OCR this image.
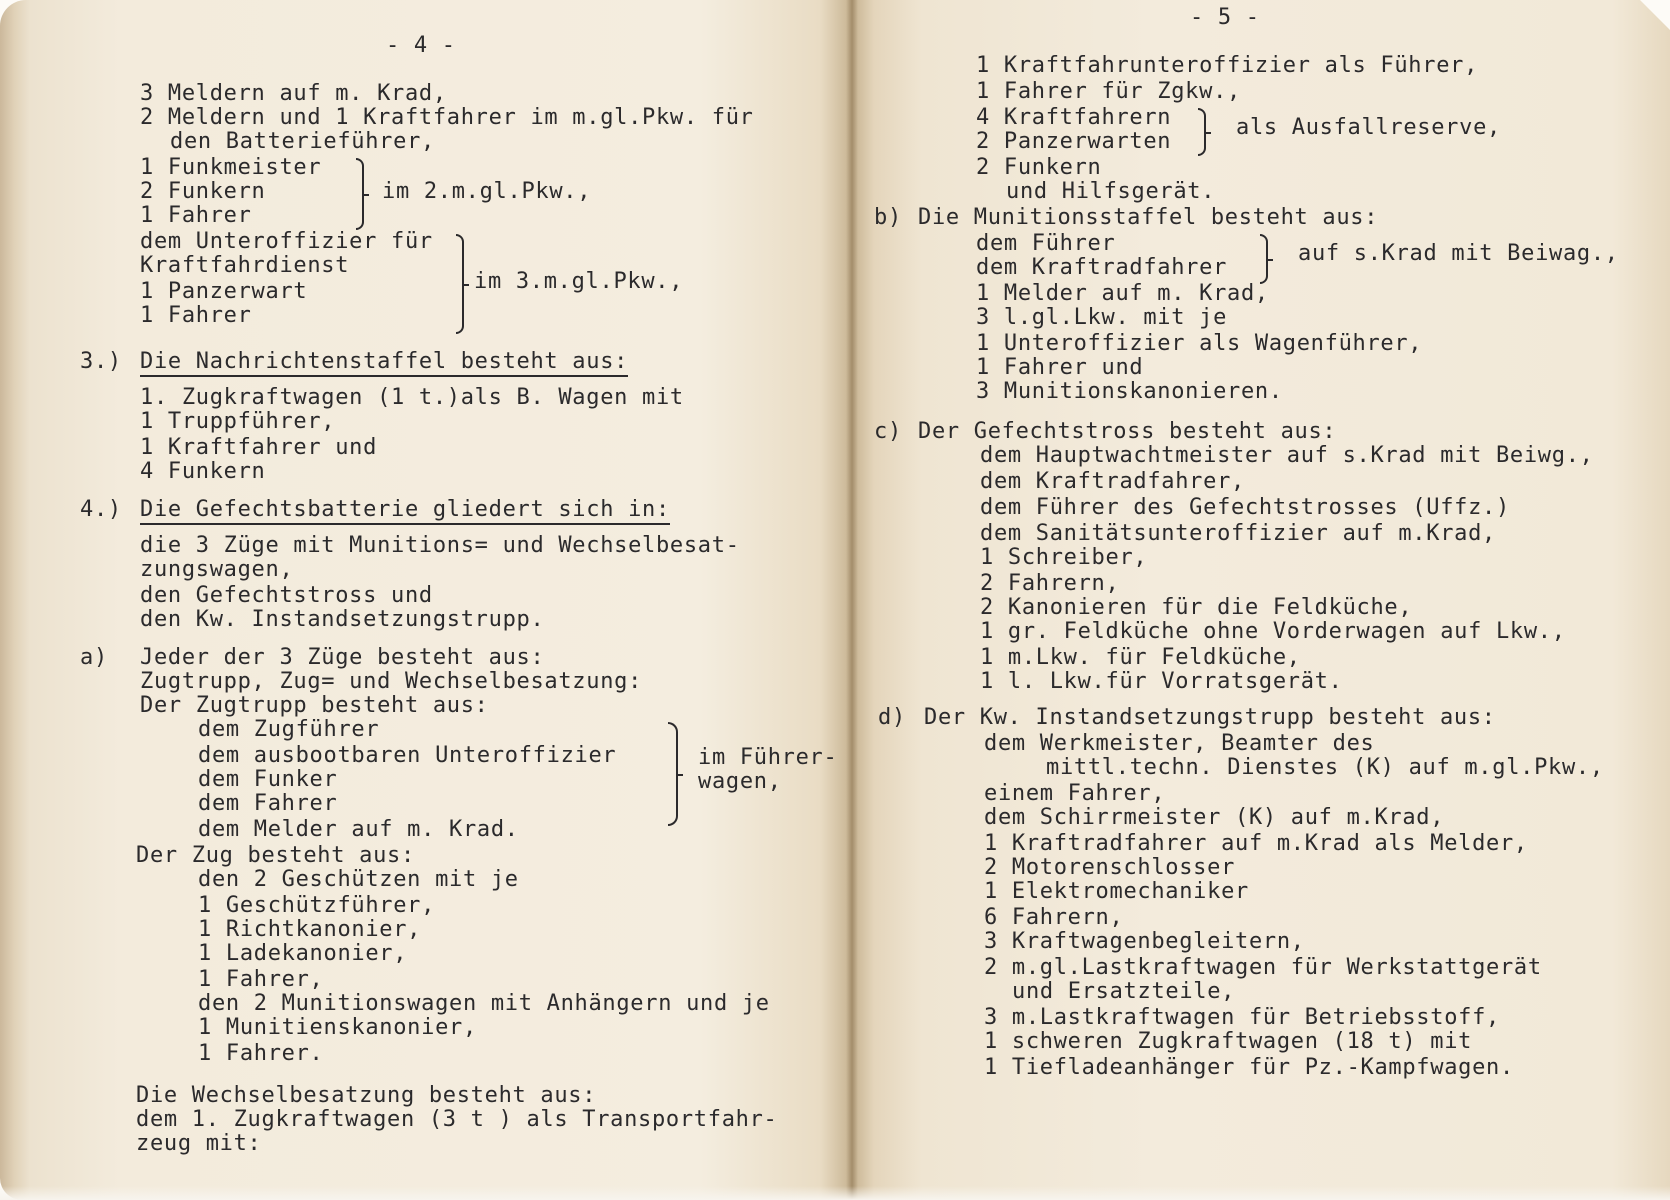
- 4 -

3 Meldern auf m. Krad,

2 Meldern und 1 Kraftfahrer im m.gl.Pkw. für

den Batterieführer,

1 Funkmeister

2 Funkern

1 Fahrer

im 2.m.gl.Pkw.,

dem Unteroffizier für

Kraftfahrdienst

1 Panzerwart

1 Fahrer

im 3.m.gl.Pkw.,

3.) Die Nachrichtenstaffel besteht aus:

1. Zugkraftwagen (1 t.)als B. Wagen mit

1 Truppführer,

1 Kraftfahrer und

4 Funkern

4.) Die Gefechtsbatterie gliedert sich in:

die 3 Züge mit Munitions= und Wechselbesat-

zungswagen,

den Gefechtstross und

den Kw. Instandsetzungstrupp.

a) Jeder der 3 Züge besteht aus:

Zugtrupp, Zug= und Wechselbesatzung:

Der Zugtrupp besteht aus:

dem Zugführer

dem ausbootbaren Unteroffizier

dem Funker

dem Fahrer

dem Melder auf m. Krad.

im Führer-

wagen,

Der Zug besteht aus:

den 2 Geschützen mit je

1 Geschützführer,

1 Richtkanonier,

1 Ladekanonier,

1 Fahrer,

den 2 Munitionswagen mit Anhängern und je

1 Munitienskanonier,

1 Fahrer.

Die Wechselbesatzung besteht aus:

dem 1. Zugkraftwagen (3 t ) als Transportfahr-

zeug mit:

- 5 -

1 Kraftfahrunteroffizier als Führer,

1 Fahrer für Zgkw.,

4 Kraftfahrern

2 Panzerwarten

als Ausfallreserve,

2 Funkern

und Hilfsgerät.

b) Die Munitionsstaffel besteht aus:

dem Führer

dem Kraftradfahrer

auf s.Krad mit Beiwag.,

1 Melder auf m. Krad,

3 l.gl.Lkw. mit je

1 Unteroffizier als Wagenführer,

1 Fahrer und

3 Munitionskanonieren.

c) Der Gefechtstross besteht aus:

dem Hauptwachtmeister auf s.Krad mit Beiwg.,

dem Kraftradfahrer,

dem Führer des Gefechtstrosses (Uffz.)

dem Sanitätsunteroffizier auf m.Krad,

1 Schreiber,

2 Fahrern,

2 Kanonieren für die Feldküche,

1 gr. Feldküche ohne Vorderwagen auf Lkw.,

1 m.Lkw. für Feldküche,

1 l. Lkw.für Vorratsgerät.

d) Der Kw. Instandsetzungstrupp besteht aus:

dem Werkmeister, Beamter des

mittl.techn. Dienstes (K) auf m.gl.Pkw.,

einem Fahrer,

dem Schirrmeister (K) auf m.Krad,

1 Kraftradfahrer auf m.Krad als Melder,

2 Motorenschlosser

1 Elektromechaniker

6 Fahrern,

3 Kraftwagenbegleitern,

2 m.gl.Lastkraftwagen für Werkstattgerät

und Ersatzteile,

3 m.Lastkraftwagen für Betriebsstoff,

1 schweren Zugkraftwagen (18 t) mit

1 Tiefladeanhänger für Pz.-Kampfwagen.
